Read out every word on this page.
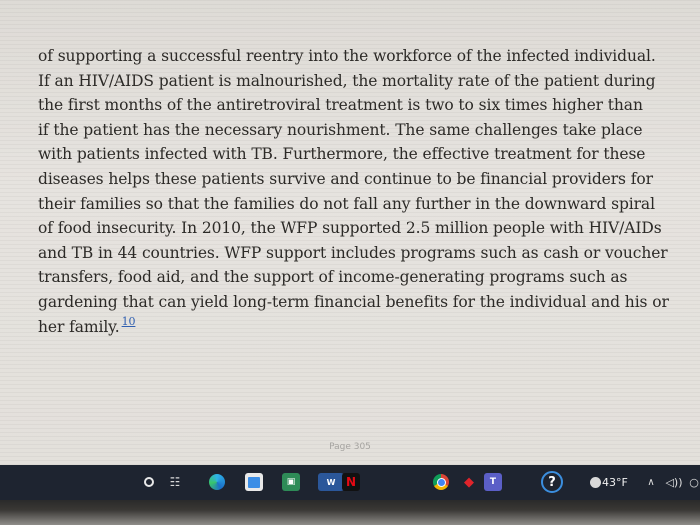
of supporting a successful reentry into the workforce of the infected individual.
If an HIV/AIDS patient is malnourished, the mortality rate of the patient during
the first months of the antiretroviral treatment is two to six times higher than
if the patient has the necessary nourishment. The same challenges take place
with patients infected with TB. Furthermore, the effective treatment for these
diseases helps these patients survive and continue to be financial providers for
their families so that the families do not fall any further in the downward spiral
of food insecurity. In 2010, the WFP supported 2.5 million people with HIV/AIDs
and TB in 44 countries. WFP support includes programs such as cash or voucher
transfers, food aid, and the support of income-generating programs such as
gardening that can yield long-term financial benefits for the individual and his or
her family. $^{10}$
Page 305
☷	▣	W N	◆	T	?	43°F	∧ ◁)) ○
